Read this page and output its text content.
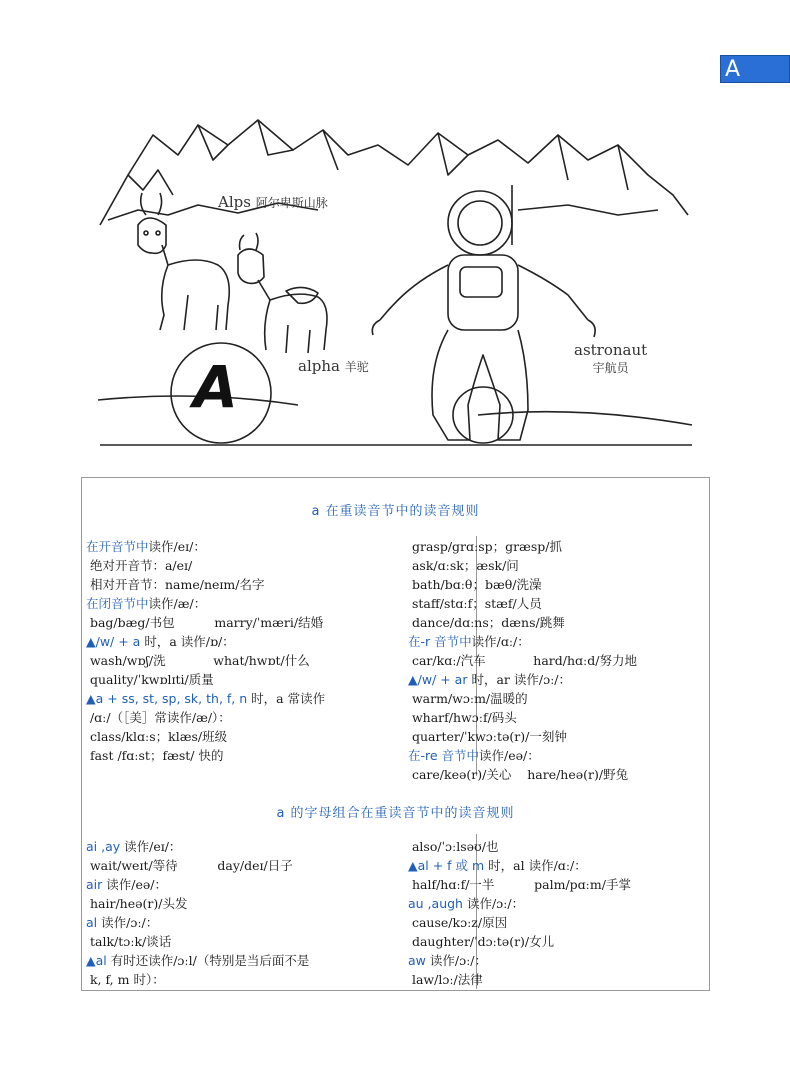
A
Alps 阿尔卑斯山脉
alpha 羊驼
astronaut
宇航员
A
a 在重读音节中的读音规则
在开音节中读作/eɪ/：
绝对开音节：a/eɪ/
相对开音节：name/neɪm/名字
在闭音节中读作/æ/：
bag/bæg/书包          marry/ˈmæri/结婚
▲/w/ + a 时，a 读作/ɒ/：
wash/wɒʃ/洗            what/hwɒt/什么
quality/ˈkwɒlɪti/质量
▲a + ss, st, sp, sk, th, f, n 时，a 常读作
/ɑː/（［美］常读作/æ/）：
class/klɑːs；klæs/班级
fast /fɑːst；fæst/ 快的
grasp/grɑːsp；græsp/抓
ask/ɑːsk；æsk/问
bath/bɑːθ；bæθ/洗澡
staff/stɑːf；stæf/人员
dance/dɑːns；dæns/跳舞
在-r 音节中读作/ɑː/：
car/kɑː/汽车            hard/hɑːd/努力地
▲/w/ + ar 时，ar 读作/ɔː/：
warm/wɔːm/温暖的
wharf/hwɔːf/码头
quarter/ˈkwɔːtə(r)/一刻钟
在-re 音节中读作/eə/：
care/keə(r)/关心    hare/heə(r)/野兔
a 的字母组合在重读音节中的读音规则
ai ,ay 读作/eɪ/：
wait/weɪt/等待          day/deɪ/日子
air 读作/eə/：
hair/heə(r)/头发
al 读作/ɔː/：
talk/tɔːk/谈话
▲al 有时还读作/ɔːl/（特别是当后面不是
k, f, m 时）：
also/ˈɔːlsəʊ/也
▲al + f 或 m 时，al 读作/ɑː/：
half/hɑːf/一半          palm/pɑːm/手掌
au ,augh 读作/ɔː/：
cause/kɔːz/原因
daughter/ˈdɔːtə(r)/女儿
aw 读作/ɔː/：
law/lɔː/法律
